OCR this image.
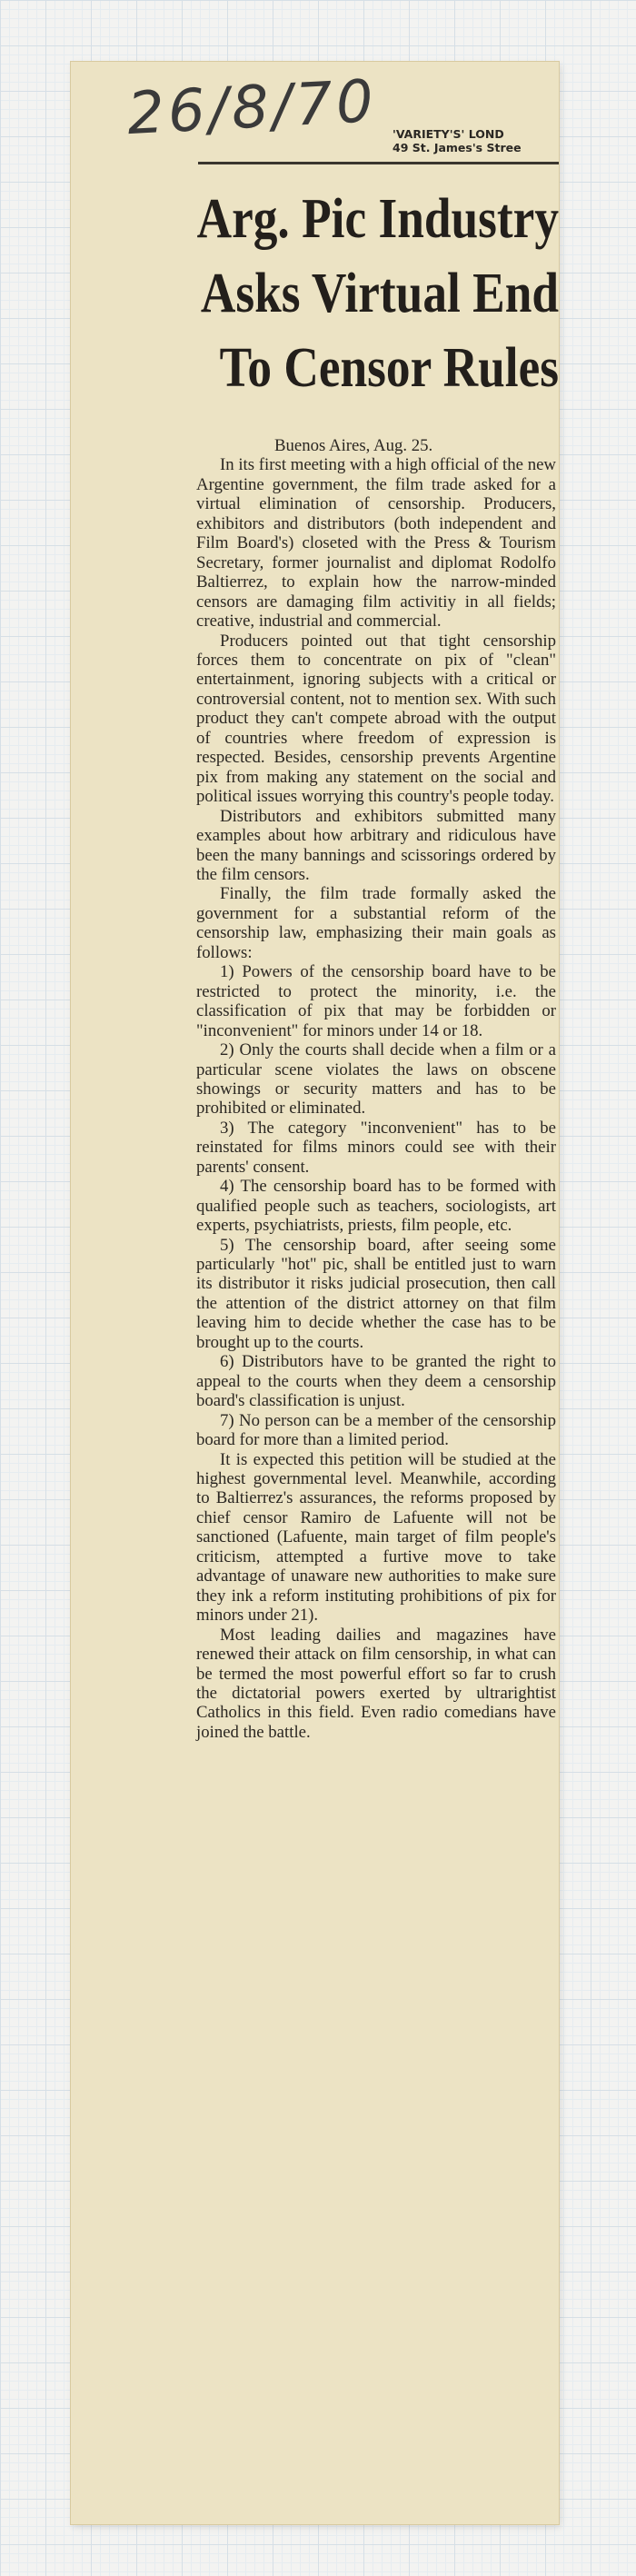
26/8/70 'VARIETY'S' LOND
49 St. James's Stree
Arg. Pic Industry
Asks Virtual End
To Censor Rules

Buenos Aires, Aug. 25.

In its first meeting with a high official of the new Argentine government, the film trade asked for a virtual elimination of censorship. Producers, exhibitors and distributors (both independent and Film Board's) closeted with the Press & Tourism Secretary, former journalist and diplomat Rodolfo Baltierrez, to explain how the narrow-minded censors are damaging film activitiy in all fields; creative, industrial and commercial.

Producers pointed out that tight censorship forces them to concentrate on pix of "clean" entertainment, ignoring subjects with a critical or controversial content, not to mention sex. With such product they can't compete abroad with the output of countries where freedom of expression is respected. Besides, censorship prevents Argentine pix from making any statement on the social and political issues worrying this country's people today.

Distributors and exhibitors submitted many examples about how arbitrary and ridiculous have been the many bannings and scissorings ordered by the film censors.

Finally, the film trade formally asked the government for a substantial reform of the censorship law, emphasizing their main goals as follows:

1) Powers of the censorship board have to be restricted to protect the minority, i.e. the classification of pix that may be forbidden or "inconvenient" for minors under 14 or 18.

2) Only the courts shall decide when a film or a particular scene violates the laws on obscene showings or security matters and has to be prohibited or eliminated.

3) The category "inconvenient" has to be reinstated for films minors could see with their parents' consent.

4) The censorship board has to be formed with qualified people such as teachers, sociologists, art experts, psychiatrists, priests, film people, etc.

5) The censorship board, after seeing some particularly "hot" pic, shall be entitled just to warn its distributor it risks judicial prosecution, then call the attention of the district attorney on that film leaving him to decide whether the case has to be brought up to the courts.

6) Distributors have to be granted the right to appeal to the courts when they deem a censorship board's classification is unjust.

7) No person can be a member of the censorship board for more than a limited period.

It is expected this petition will be studied at the highest governmental level. Meanwhile, according to Baltierrez's assurances, the reforms proposed by chief censor Ramiro de Lafuente will not be sanctioned (Lafuente, main target of film people's criticism, attempted a furtive move to take advantage of unaware new authorities to make sure they ink a reform instituting prohibitions of pix for minors under 21).

Most leading dailies and magazines have renewed their attack on film censorship, in what can be termed the most powerful effort so far to crush the dictatorial powers exerted by ultrarightist Catholics in this field. Even radio comedians have joined the battle.
